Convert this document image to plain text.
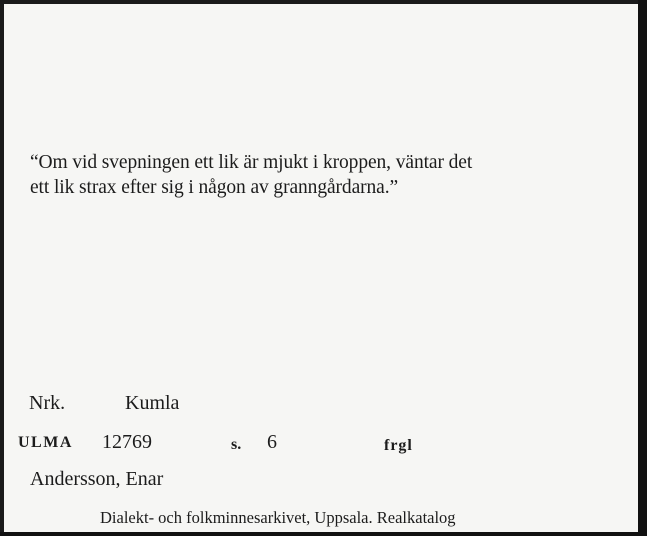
“Om vid svepningen ett lik är mjukt i kroppen, väntar det

ett lik strax efter sig i någon av granngårdarna.”

Nrk.	Kumla
ULMA 12769	s. 6	frgl
Andersson, Enar
Dialekt- och folkminnesarkivet, Uppsala. Realkatalog
